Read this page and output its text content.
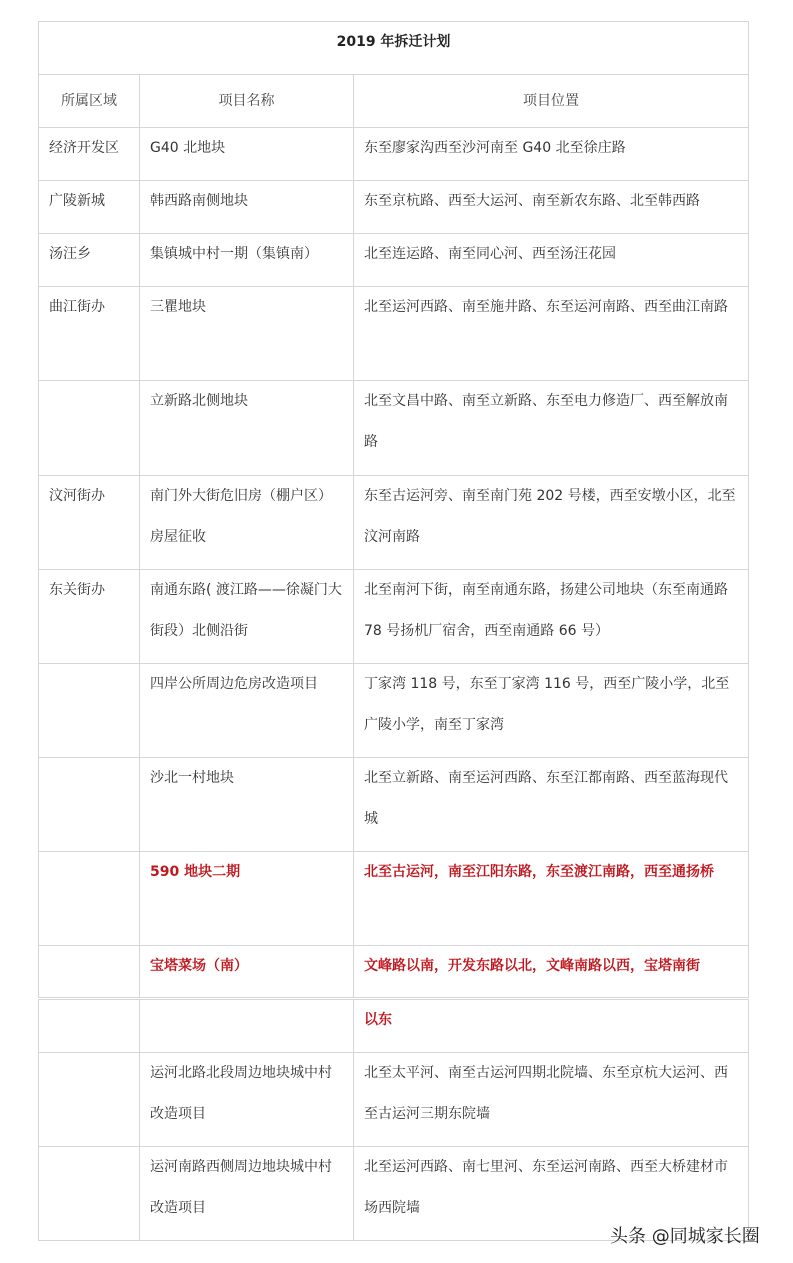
2019 年拆迁计划		
所属区域	项目名称	项目位置
经济开发区	G40 北地块	东至廖家沟西至沙河南至 G40 北至徐庄路
广陵新城	韩西路南侧地块	东至京杭路、西至大运河、南至新农东路、北至韩西路
汤汪乡	集镇城中村一期（集镇南）	北至连运路、南至同心河、西至汤汪花园
曲江街办	三瞿地块	北至运河西路、南至施井路、东至运河南路、西至曲江南路
	立新路北侧地块	北至文昌中路、南至立新路、东至电力修造厂、西至解放南路
汶河街办	南门外大街危旧房（棚户区）房屋征收	东至古运河旁、南至南门苑 202 号楼，西至安墩小区，北至汶河南路
东关街办	南通东路( 渡江路——徐凝门大街段）北侧沿街	北至南河下街，南至南通东路，扬建公司地块（东至南通路 78 号扬机厂宿舍，西至南通路 66 号）
	四岸公所周边危房改造项目	丁家湾 118 号，东至丁家湾 116 号，西至广陵小学，北至广陵小学，南至丁家湾
	沙北一村地块	北至立新路、南至运河西路、东至江都南路、西至蓝海现代城
	590 地块二期	北至古运河，南至江阳东路，东至渡江南路，西至通扬桥
	宝塔菜场（南）	文峰路以南，开发东路以北，文峰南路以西，宝塔南街
		以东
	运河北路北段周边地块城中村改造项目	北至太平河、南至古运河四期北院墙、东至京杭大运河、西至古运河三期东院墙
	运河南路西侧周边地块城中村改造项目	北至运河西路、南七里河、东至运河南路、西至大桥建材市场西院墙
头条 @同城家长圈
